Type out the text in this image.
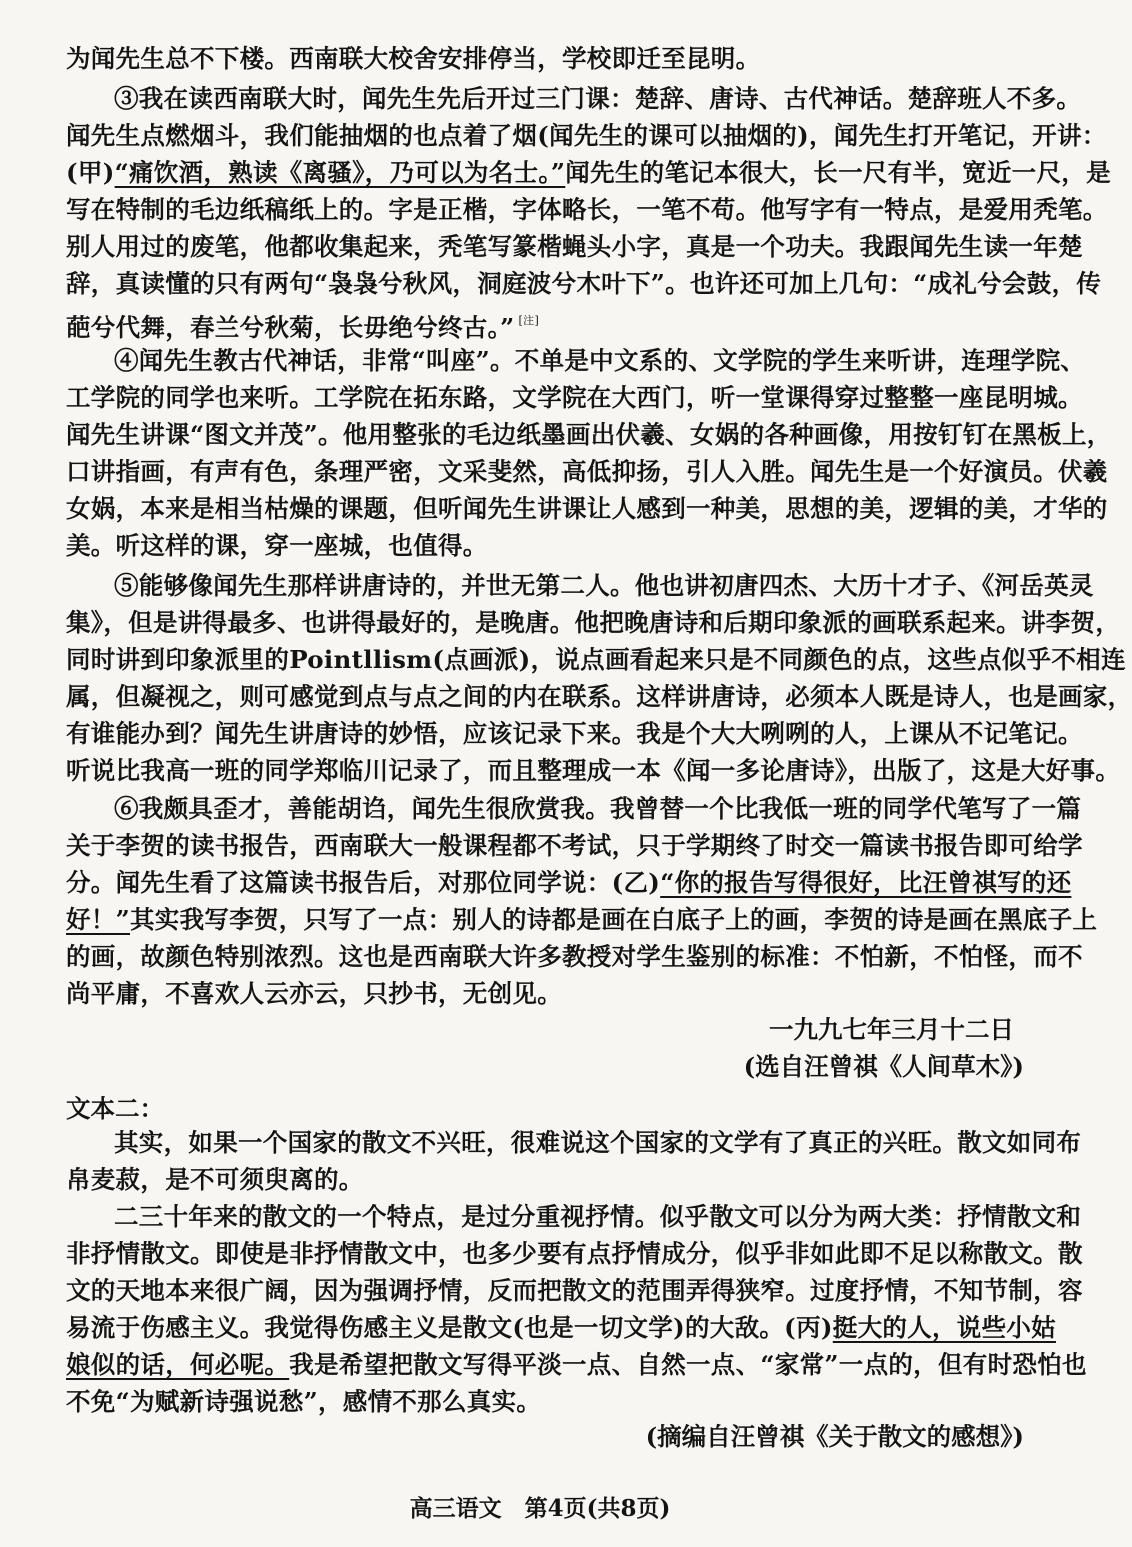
为闻先生总不下楼。西南联大校舍安排停当，学校即迁至昆明。
③我在读西南联大时，闻先生先后开过三门课：楚辞、唐诗、古代神话。楚辞班人不多。
闻先生点燃烟斗，我们能抽烟的也点着了烟(闻先生的课可以抽烟的)，闻先生打开笔记，开讲：
(甲)“痛饮酒，熟读《离骚》，乃可以为名士。”闻先生的笔记本很大，长一尺有半，宽近一尺，是
写在特制的毛边纸稿纸上的。字是正楷，字体略长，一笔不苟。他写字有一特点，是爱用秃笔。
别人用过的废笔，他都收集起来，秃笔写篆楷蝇头小字，真是一个功夫。我跟闻先生读一年楚
辞，真读懂的只有两句“袅袅兮秋风，洞庭波兮木叶下”。也许还可加上几句：“成礼兮会鼓，传
葩兮代舞，春兰兮秋菊，长毋绝兮终古。” [注]
④闻先生教古代神话，非常“叫座”。不单是中文系的、文学院的学生来听讲，连理学院、
工学院的同学也来听。工学院在拓东路，文学院在大西门，听一堂课得穿过整整一座昆明城。
闻先生讲课“图文并茂”。他用整张的毛边纸墨画出伏羲、女娲的各种画像，用按钉钉在黑板上，
口讲指画，有声有色，条理严密，文采斐然，高低抑扬，引人入胜。闻先生是一个好演员。伏羲
女娲，本来是相当枯燥的课题，但听闻先生讲课让人感到一种美，思想的美，逻辑的美，才华的
美。听这样的课，穿一座城，也值得。
⑤能够像闻先生那样讲唐诗的，并世无第二人。他也讲初唐四杰、大历十才子、《河岳英灵
集》，但是讲得最多、也讲得最好的，是晚唐。他把晚唐诗和后期印象派的画联系起来。讲李贺，
同时讲到印象派里的Pointllism(点画派)，说点画看起来只是不同颜色的点，这些点似乎不相连
属，但凝视之，则可感觉到点与点之间的内在联系。这样讲唐诗，必须本人既是诗人，也是画家，
有谁能办到？闻先生讲唐诗的妙悟，应该记录下来。我是个大大咧咧的人，上课从不记笔记。
听说比我高一班的同学郑临川记录了，而且整理成一本《闻一多论唐诗》，出版了，这是大好事。
⑥我颇具歪才，善能胡诌，闻先生很欣赏我。我曾替一个比我低一班的同学代笔写了一篇
关于李贺的读书报告，西南联大一般课程都不考试，只于学期终了时交一篇读书报告即可给学
分。闻先生看了这篇读书报告后，对那位同学说：(乙)“你的报告写得很好，比汪曾祺写的还
好！”其实我写李贺，只写了一点：别人的诗都是画在白底子上的画，李贺的诗是画在黑底子上
的画，故颜色特别浓烈。这也是西南联大许多教授对学生鉴别的标准：不怕新，不怕怪，而不
尚平庸，不喜欢人云亦云，只抄书，无创见。
一九九七年三月十二日
(选自汪曾祺《人间草木》)
文本二：
其实，如果一个国家的散文不兴旺，很难说这个国家的文学有了真正的兴旺。散文如同布
帛麦菽，是不可须臾离的。
二三十年来的散文的一个特点，是过分重视抒情。似乎散文可以分为两大类：抒情散文和
非抒情散文。即使是非抒情散文中，也多少要有点抒情成分，似乎非如此即不足以称散文。散
文的天地本来很广阔，因为强调抒情，反而把散文的范围弄得狭窄。过度抒情，不知节制，容
易流于伤感主义。我觉得伤感主义是散文(也是一切文学)的大敌。(丙)挺大的人，说些小姑
娘似的话，何必呢。我是希望把散文写得平淡一点、自然一点、“家常”一点的，但有时恐怕也
不免“为赋新诗强说愁”，感情不那么真实。
(摘编自汪曾祺《关于散文的感想》)
高三语文　第4页(共8页)
